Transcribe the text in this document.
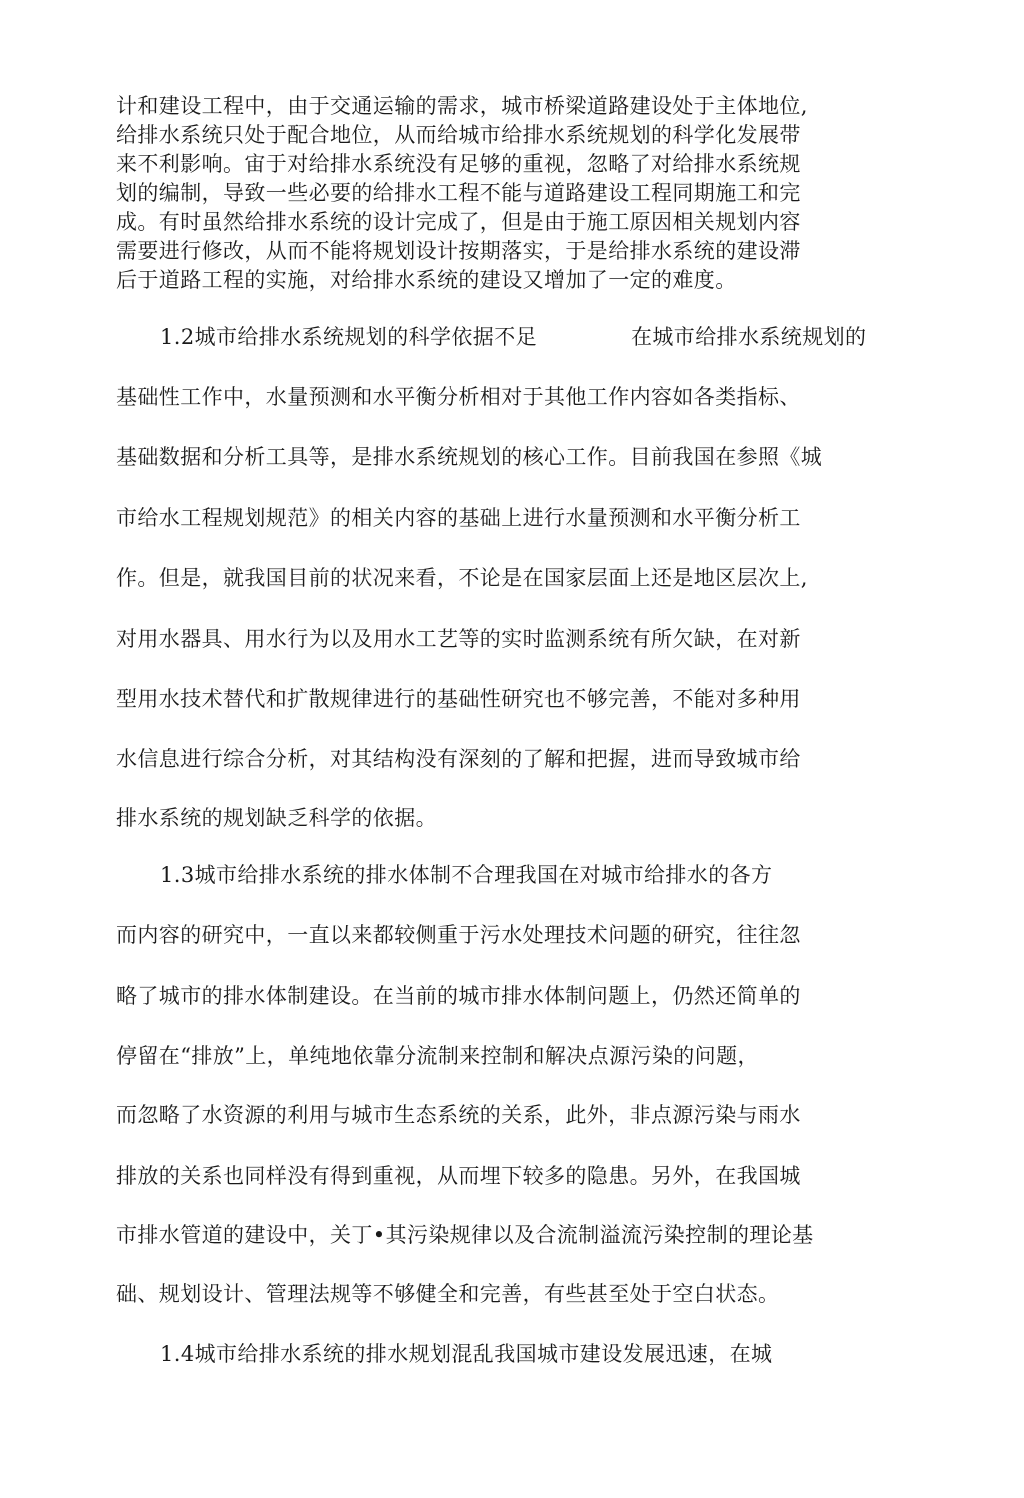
计和建设工程中，由于交通运输的需求，城市桥梁道路建设处于主体地位,
给排水系统只处于配合地位，从而给城市给排水系统规划的科学化发展带
来不利影响。宙于对给排水系统没有足够的重视，忽略了对给排水系统规
划的编制，导致一些必要的给排水工程不能与道路建设工程同期施工和完
成。有时虽然给排水系统的设计完成了，但是由于施工原因相关规划内容
需要进行修改，从而不能将规划设计按期落实，于是给排水系统的建设滞
后于道路工程的实施，对给排水系统的建设又增加了一定的难度。
1.2城市给排水系统规划的科学依据不足	在城市给排水系统规划的
基础性工作中，水量预测和水平衡分析相对于其他工作内容如各类指标、
基础数据和分析工具等，是排水系统规划的核心工作。目前我国在参照《城
市给水工程规划规范》的相关内容的基础上进行水量预测和水平衡分析工
作。但是，就我国目前的状况来看，不论是在国家层面上还是地区层次上,
对用水器具、用水行为以及用水工艺等的实时监测系统有所欠缺，在对新
型用水技术替代和扩散规律进行的基础性研究也不够完善，不能对多种用
水信息进行综合分析，对其结构没有深刻的了解和把握，进而导致城市给
排水系统的规划缺乏科学的依据。
1.3城市给排水系统的排水体制不合理我国在对城市给排水的各方
而内容的研究中，一直以来都较侧重于污水处理技术问题的研究，往往忽
略了城市的排水体制建设。在当前的城市排水体制问题上，仍然还简单的
停留在“排放”上，单纯地依靠分流制来控制和解决点源污染的问题，
而忽略了水资源的利用与城市生态系统的关系，此外，非点源污染与雨水
排放的关系也同样没有得到重视，从而埋下较多的隐患。另外，在我国城
市排水管道的建设中，关丁•其污染规律以及合流制溢流污染控制的理论基
础、规划设计、管理法规等不够健全和完善，有些甚至处于空白状态。
1.4城市给排水系统的排水规划混乱我国城市建设发展迅速，在城
